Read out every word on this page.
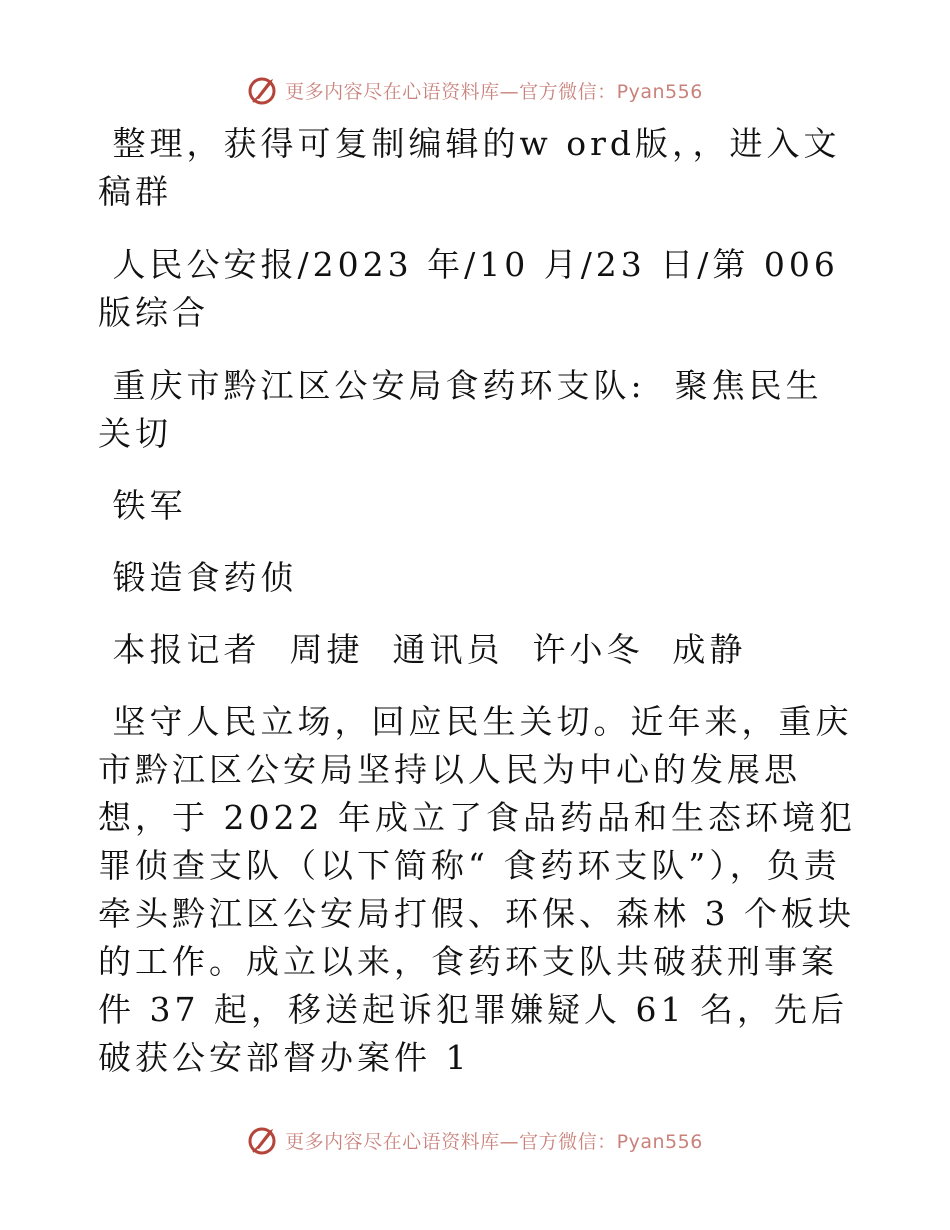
更多内容尽在心语资料库—官方微信：Pyan556

整理，获得可复制编辑的w ord版，，进入文稿群

人民公安报/2023 年/10 月/23 日/第 006 版综合

重庆市黔江区公安局食药环支队:  聚焦民生关切

铁军

锻造食药侦

本报记者  周捷  通讯员  许小冬  成静

坚守人民立场，回应民生关切。近年来，重庆市黔江区公安局坚持以人民为中心的发展思想，于 2022 年成立了食品药品和生态环境犯罪侦查支队（以下简称“ 食药环支队”），负责牵头黔江区公安局打假、环保、森林 3 个板块的工作。成立以来，食药环支队共破获刑事案件 37 起，移送起诉犯罪嫌疑人 61 名，先后破获公安部督办案件 1

更多内容尽在心语资料库—官方微信：Pyan556
